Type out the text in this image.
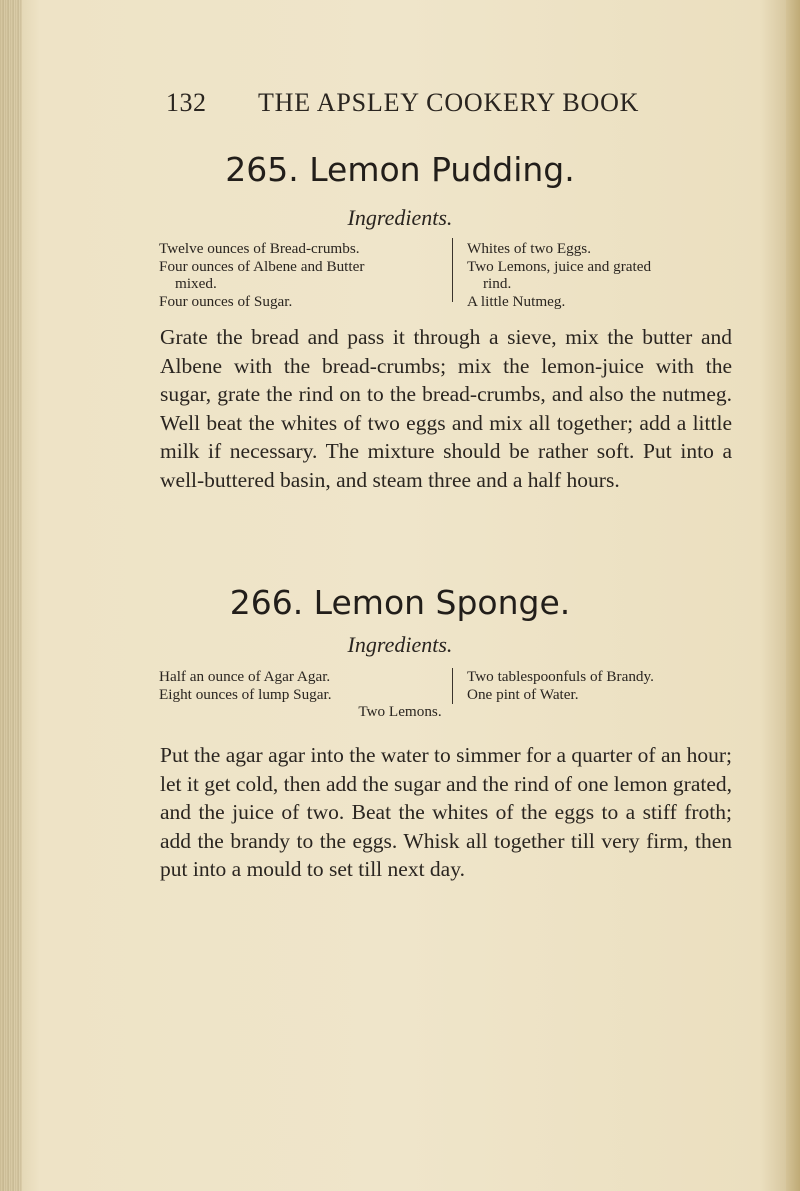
132 THE APSLEY COOKERY BOOK
265. Lemon Pudding.
Ingredients.
Twelve ounces of Bread-crumbs.
Four ounces of Albene and Butter
mixed.
Four ounces of Sugar.
Whites of two Eggs.
Two Lemons, juice and grated
rind.
A little Nutmeg.

Grate the bread and pass it through a sieve, mix the butter and Albene with the bread-crumbs; mix the lemon-juice with the sugar, grate the rind on to the bread-crumbs, and also the nutmeg. Well beat the whites of two eggs and mix all together; add a little milk if necessary. The mixture should be rather soft. Put into a well-buttered basin, and steam three and a half hours.

266. Lemon Sponge.
Ingredients.
Half an ounce of Agar Agar.
Eight ounces of lump Sugar.
Two tablespoonfuls of Brandy.
One pint of Water.
Two Lemons.

Put the agar agar into the water to simmer for a quarter of an hour; let it get cold, then add the sugar and the rind of one lemon grated, and the juice of two. Beat the whites of the eggs to a stiff froth; add the brandy to the eggs. Whisk all together till very firm, then put into a mould to set till next day.
